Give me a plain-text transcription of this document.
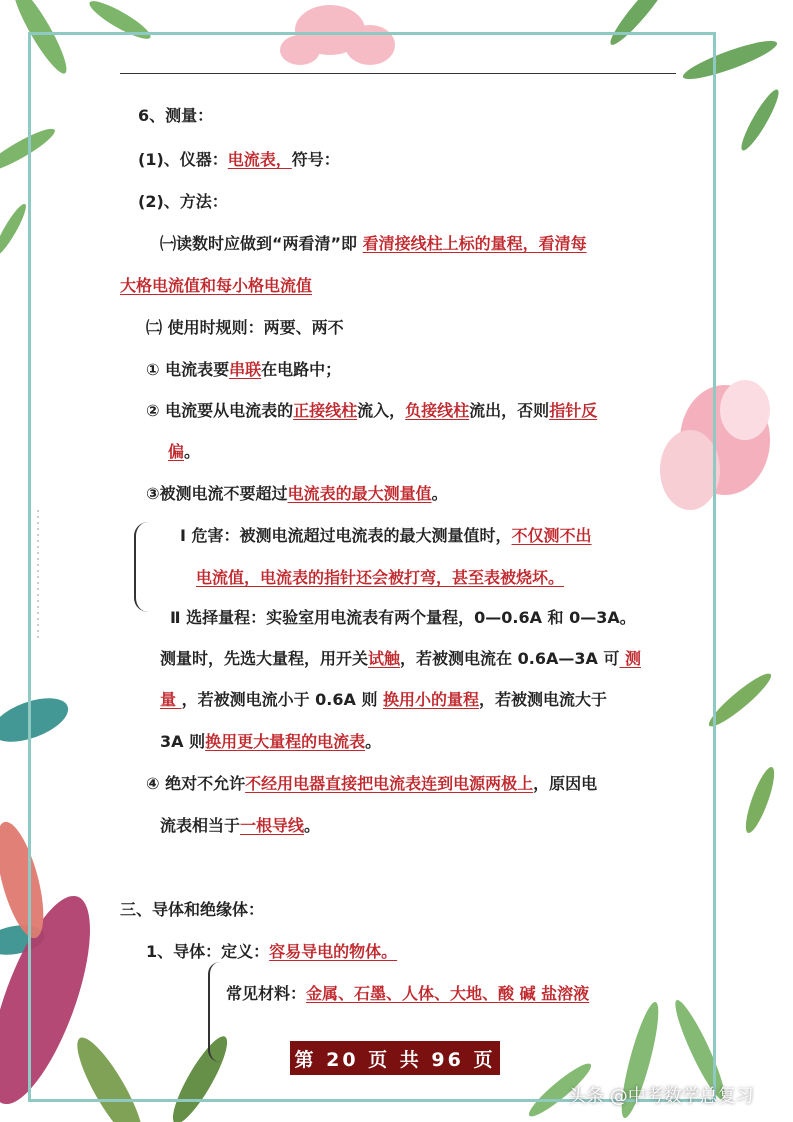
6、测量：
(1)、仪器：电流表，符号：
(2)、方法：
㈠读数时应做到“两看清”即 看清接线柱上标的量程，看清每
大格电流值和每小格电流值
㈡ 使用时规则：两要、两不
① 电流表要串联在电路中；
② 电流要从电流表的正接线柱流入，负接线柱流出，否则指针反
偏。
③被测电流不要超过电流表的最大测量值。
Ⅰ 危害：被测电流超过电流表的最大测量值时，不仅测不出
电流值，电流表的指针还会被打弯，甚至表被烧坏。
Ⅱ 选择量程：实验室用电流表有两个量程，0—0.6A 和 0—3A。
测量时，先选大量程，用开关试触，若被测电流在 0.6A—3A 可 测
量 ，若被测电流小于 0.6A 则 换用小的量程，若被测电流大于
3A 则换用更大量程的电流表。
④ 绝对不允许不经用电器直接把电流表连到电源两极上，原因电
流表相当于一根导线。
三、导体和绝缘体：
1、导体：定义：容易导电的物体。
常见材料：金属、石墨、人体、大地、酸 碱 盐溶液
第 20 页 共 96 页
头条 @中考数学总复习
